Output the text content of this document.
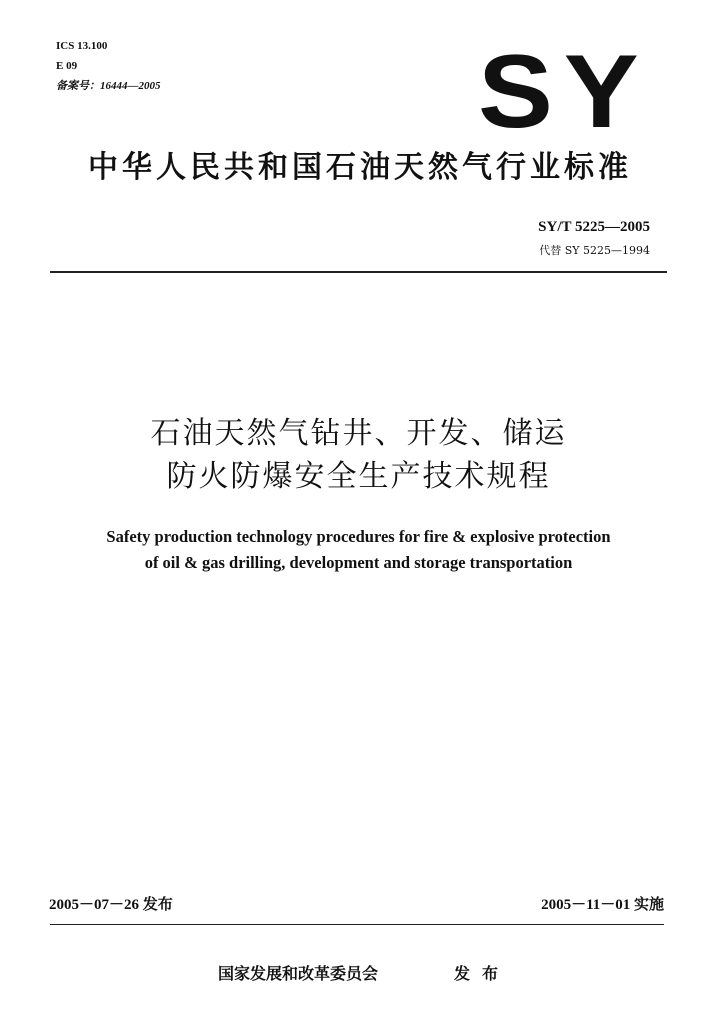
ICS 13.100
E 09
备案号：16444—2005	SY
中华人民共和国石油天然气行业标准
SY/T 5225—2005
代替 SY 5225—1994
石油天然气钻井、开发、储运
防火防爆安全生产技术规程
Safety production technology procedures for fire & explosive protection
of oil & gas drilling, development and storage transportation
2005－07－26 发布	2005－11－01 实施
国家发展和改革委员会	发布
